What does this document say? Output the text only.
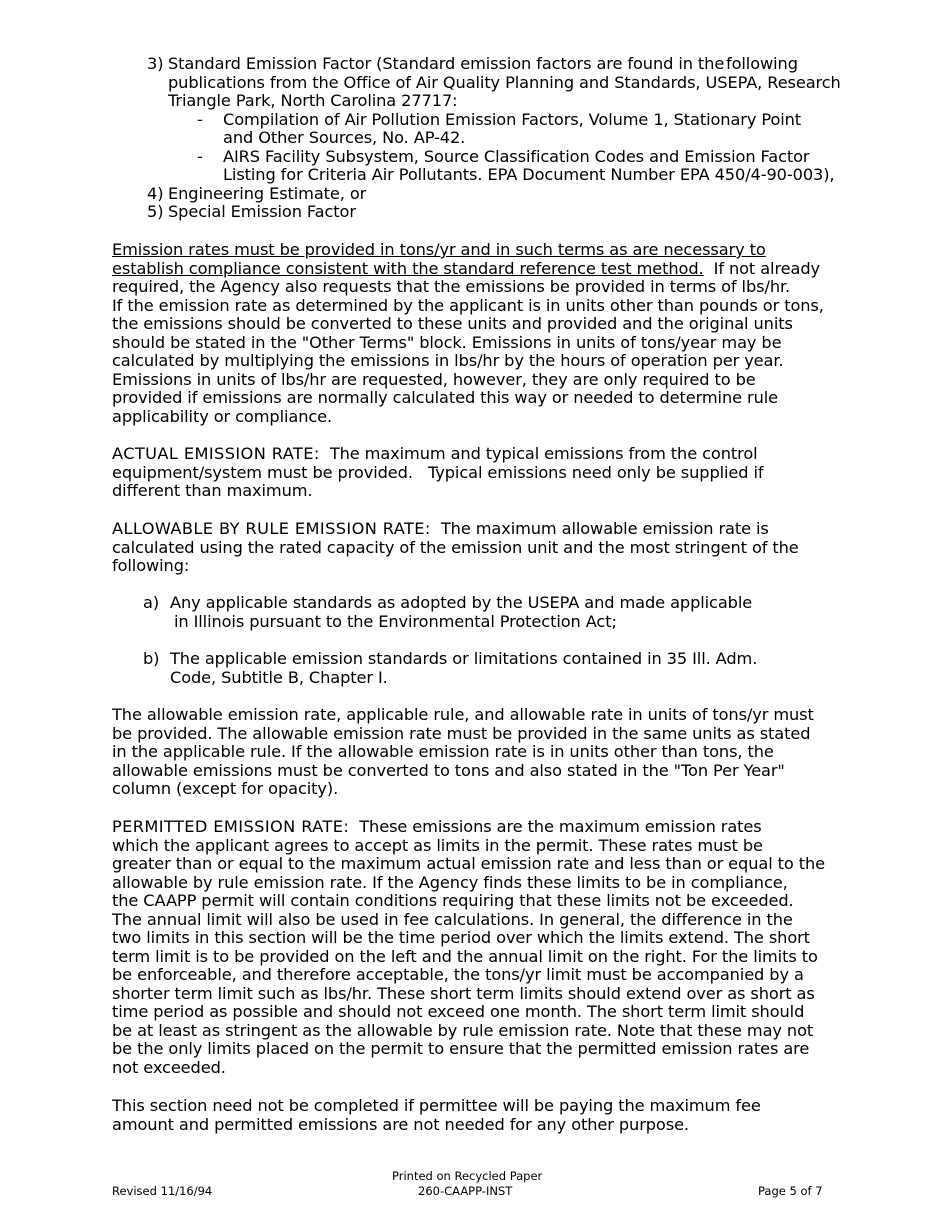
3) Standard Emission Factor (Standard emission factors are found in the following
publications from the Office of Air Quality Planning and Standards, USEPA, Research
Triangle Park, North Carolina 27717:
- Compilation of Air Pollution Emission Factors, Volume 1, Stationary Point
and Other Sources, No. AP-42.
- AIRS Facility Subsystem, Source Classification Codes and Emission Factor
Listing for Criteria Air Pollutants. EPA Document Number EPA 450/4-90-003),
4) Engineering Estimate, or
5) Special Emission Factor
Emission rates must be provided in tons/yr and in such terms as are necessary to
establish compliance consistent with the standard reference test method.  If not already
required, the Agency also requests that the emissions be provided in terms of lbs/hr.
If the emission rate as determined by the applicant is in units other than pounds or tons,
the emissions should be converted to these units and provided and the original units
should be stated in the "Other Terms" block. Emissions in units of tons/year may be
calculated by multiplying the emissions in lbs/hr by the hours of operation per year.
Emissions in units of lbs/hr are requested, however, they are only required to be
provided if emissions are normally calculated this way or needed to determine rule
applicability or compliance.
ACTUAL EMISSION RATE:  The maximum and typical emissions from the control
equipment/system must be provided.   Typical emissions need only be supplied if
different than maximum.
ALLOWABLE BY RULE EMISSION RATE:  The maximum allowable emission rate is
calculated using the rated capacity of the emission unit and the most stringent of the
following:
a) Any applicable standards as adopted by the USEPA and made applicable
in Illinois pursuant to the Environmental Protection Act;
b) The applicable emission standards or limitations contained in 35 Ill. Adm.
Code, Subtitle B, Chapter I.
The allowable emission rate, applicable rule, and allowable rate in units of tons/yr must
be provided. The allowable emission rate must be provided in the same units as stated
in the applicable rule. If the allowable emission rate is in units other than tons, the
allowable emissions must be converted to tons and also stated in the "Ton Per Year"
column (except for opacity).
PERMITTED EMISSION RATE:  These emissions are the maximum emission rates
which the applicant agrees to accept as limits in the permit. These rates must be
greater than or equal to the maximum actual emission rate and less than or equal to the
allowable by rule emission rate. If the Agency finds these limits to be in compliance,
the CAAPP permit will contain conditions requiring that these limits not be exceeded.
The annual limit will also be used in fee calculations. In general, the difference in the
two limits in this section will be the time period over which the limits extend. The short
term limit is to be provided on the left and the annual limit on the right. For the limits to
be enforceable, and therefore acceptable, the tons/yr limit must be accompanied by a
shorter term limit such as lbs/hr. These short term limits should extend over as short as
time period as possible and should not exceed one month. The short term limit should
be at least as stringent as the allowable by rule emission rate. Note that these may not
be the only limits placed on the permit to ensure that the permitted emission rates are
not exceeded.
This section need not be completed if permittee will be paying the maximum fee
amount and permitted emissions are not needed for any other purpose.
Printed on Recycled Paper
260-CAAPP-INST
Revised 11/16/94	Page 5 of 7
